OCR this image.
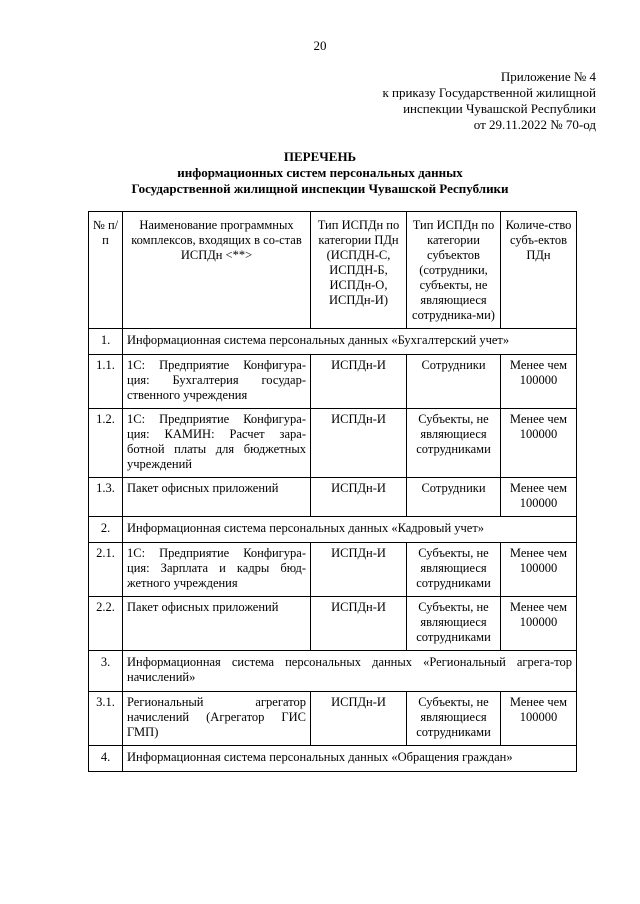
20
Приложение № 4
к приказу Государственной жилищной
инспекции Чувашской Республики
от 29.11.2022 № 70-од
ПЕРЕЧЕНЬ
информационных систем персональных данных
Государственной жилищной инспекции Чувашской Республики
№ п/п	Наименование программных комплексов, входящих в со-став ИСПДн <**>	Тип ИСПДн по категории ПДн (ИСПДН-С, ИСПДН-Б, ИСПДн-О, ИСПДн-И)	Тип ИСПДн по категории субъектов (сотрудники, субъекты, не являющиеся сотрудника-ми)	Количе-ство субъ-ектов ПДн
1.	Информационная система персональных данных «Бухгалтерский учет»			
1.1.	1С: Предприятие Конфигура-ция: Бухгалтерия государ-ственного учреждения	ИСПДн-И	Сотрудники	Менее чем 100000
1.2.	1С: Предприятие Конфигура-ция: КАМИН: Расчет зара-ботной платы для бюджетных учреждений	ИСПДн-И	Субъекты, не являющиеся сотрудниками	Менее чем 100000
1.3.	Пакет офисных приложений	ИСПДн-И	Сотрудники	Менее чем 100000
2.	Информационная система персональных данных «Кадровый учет»			
2.1.	1С: Предприятие Конфигура-ция: Зарплата и кадры бюд-жетного учреждения	ИСПДн-И	Субъекты, не являющиеся сотрудниками	Менее чем 100000
2.2.	Пакет офисных приложений	ИСПДн-И	Субъекты, не являющиеся сотрудниками	Менее чем 100000
3.	Информационная система персональных данных «Региональный агрега-тор начислений»			
3.1.	Региональный агрегатор начислений (Агрегатор ГИС ГМП)	ИСПДн-И	Субъекты, не являющиеся сотрудниками	Менее чем 100000
4.	Информационная система персональных данных «Обращения граждан»			
